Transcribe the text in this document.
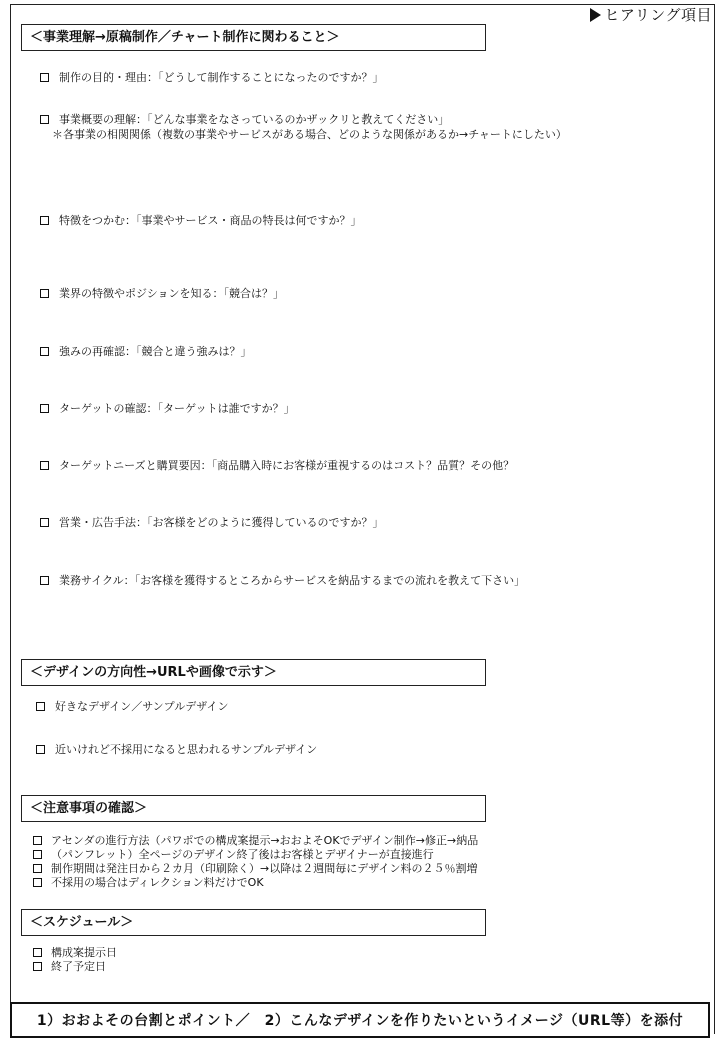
ヒアリング項目
＜事業理解→原稿制作／チャート制作に関わること＞
制作の目的・理由：「どうして制作することになったのですか？」
事業概要の理解：「どんな事業をなさっているのかザックリと教えてください」
＊各事業の相関関係（複数の事業やサービスがある場合、どのような関係があるか→チャートにしたい）
特徴をつかむ：「事業やサービス・商品の特長は何ですか？」
業界の特徴やポジションを知る：「競合は？」
強みの再確認：「競合と違う強みは？」
ターゲットの確認：「ターゲットは誰ですか？」
ターゲットニーズと購買要因：「商品購入時にお客様が重視するのはコスト？品質？その他？
営業・広告手法：「お客様をどのように獲得しているのですか？」
業務サイクル：「お客様を獲得するところからサービスを納品するまでの流れを教えて下さい」
＜デザインの方向性→URLや画像で示す＞
好きなデザイン／サンプルデザイン
近いけれど不採用になると思われるサンプルデザイン
＜注意事項の確認＞
アセンダの進行方法（パワポでの構成案提示→おおよそOKでデザイン制作→修正→納品
（パンフレット）全ページのデザイン終了後はお客様とデザイナーが直接進行
制作期間は発注日から２カ月（印刷除く）→以降は２週間毎にデザイン料の２５％割増
不採用の場合はディレクション料だけでOK
＜スケジュール＞
構成案提示日
終了予定日
1）おおよその台割とポイント／　2）こんなデザインを作りたいというイメージ（URL等）を添付
